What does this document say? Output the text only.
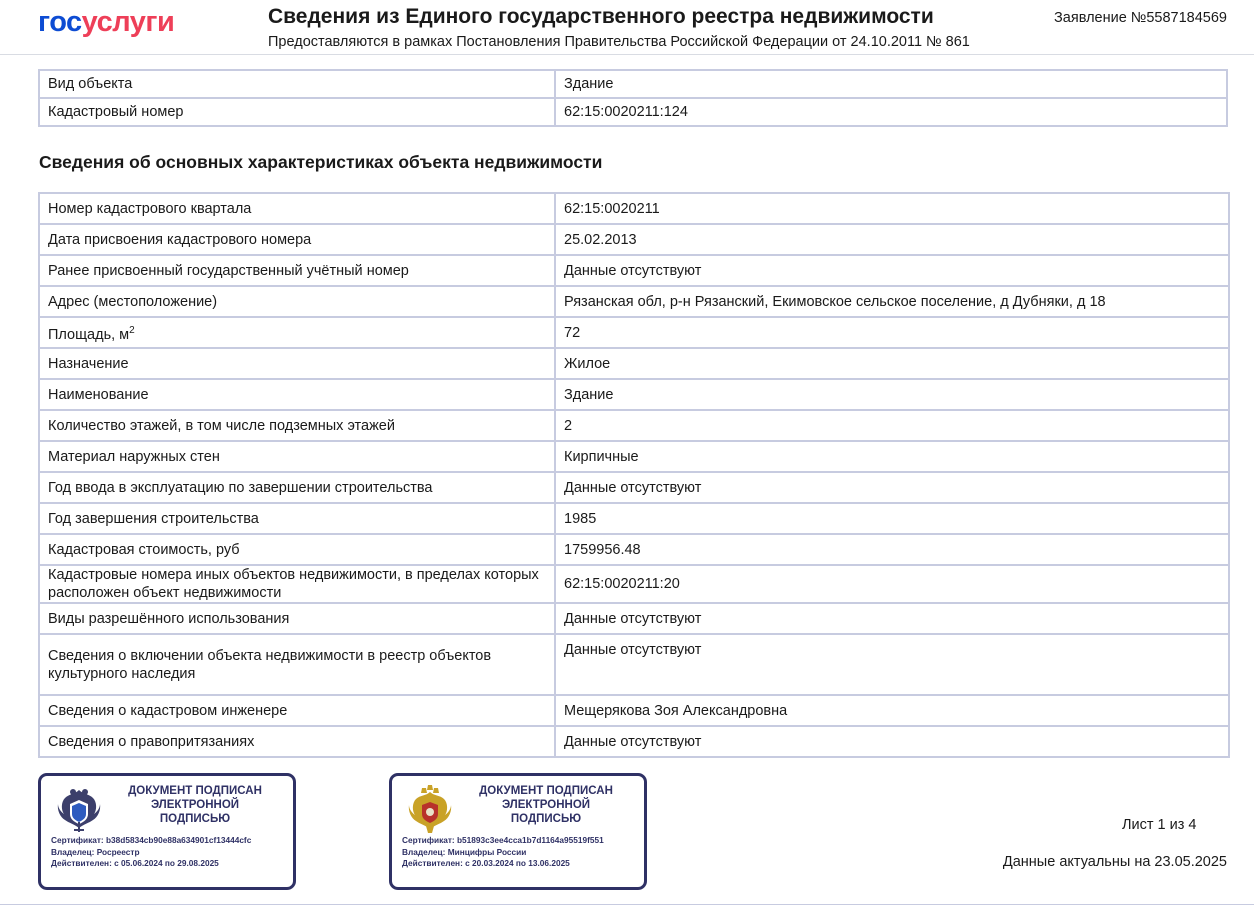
госуслуги	Сведения из Единого государственного реестра недвижимости
Предоставляются в рамках Постановления Правительства Российской Федерации от 24.10.2011 № 861
Заявление №5587184569
Вид объекта	Здание
Кадастровый номер	62:15:0020211:124
Сведения об основных характеристиках объекта недвижимости
Номер кадастрового квартала	62:15:0020211
Дата присвоения кадастрового номера	25.02.2013
Ранее присвоенный государственный учётный номер	Данные отсутствуют
Адрес (местоположение)	Рязанская обл, р-н Рязанский, Екимовское сельское поселение, д Дубняки, д 18
Площадь, $м^2$	72
Назначение	Жилое
Наименование	Здание
Количество этажей, в том числе подземных этажей	2
Материал наружных стен	Кирпичные
Год ввода в эксплуатацию по завершении строительства	Данные отсутствуют
Год завершения строительства	1985
Кадастровая стоимость, руб	1759956.48
Кадастровые номера иных объектов недвижимости, в пределах которых расположен объект недвижимости	62:15:0020211:20
Виды разрешённого использования	Данные отсутствуют
Сведения о включении объекта недвижимости в реестр объектов культурного наследия	Данные отсутствуют
Сведения о кадастровом инженере	Мещерякова Зоя Александровна
Сведения о правопритязаниях	Данные отсутствуют
ДОКУМЕНТ ПОДПИСАН
ЭЛЕКТРОННОЙ
ПОДПИСЬЮ
Сертификат: b38d5834cb90e88a634901cf13444cfc
Владелец: Росреестр
Действителен: с 05.06.2024 по 29.08.2025
ДОКУМЕНТ ПОДПИСАН
ЭЛЕКТРОННОЙ
ПОДПИСЬЮ
Сертификат: b51893c3ee4cca1b7d1164a95519f551
Владелец: Минцифры России
Действителен: с 20.03.2024 по 13.06.2025
Лист 1 из 4
Данные актуальны на 23.05.2025
